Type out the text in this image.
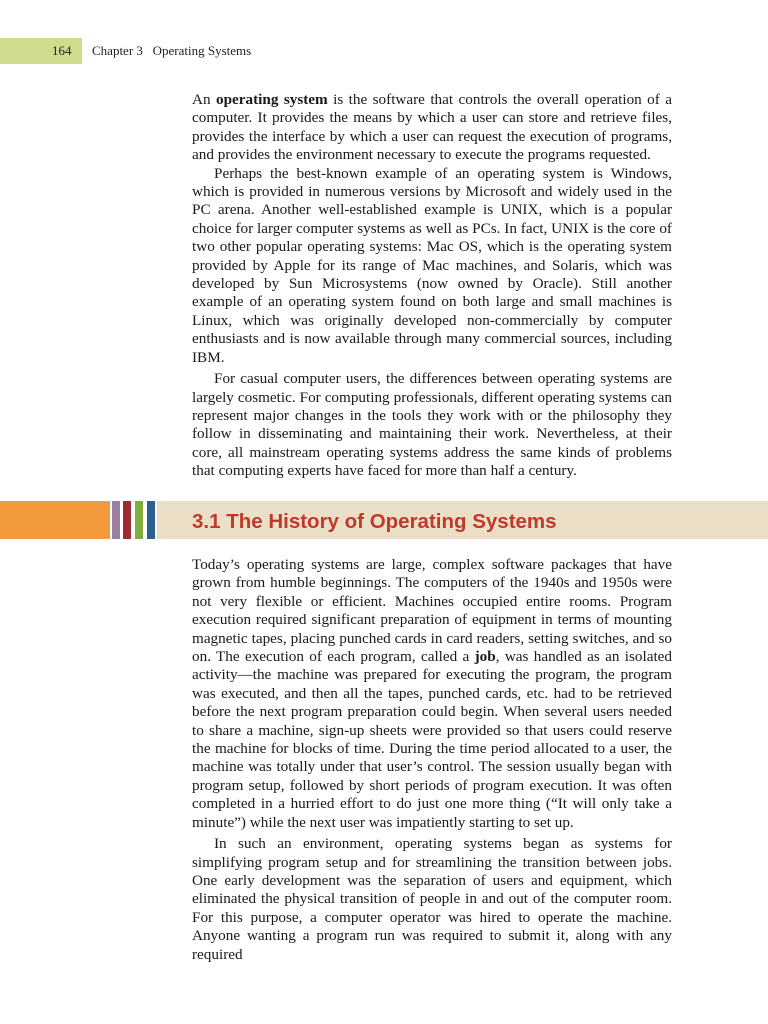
164 Chapter 3   Operating Systems

An operating system is the software that controls the overall operation of a computer. It provides the means by which a user can store and retrieve files, provides the interface by which a user can request the execution of programs, and provides the environment necessary to execute the programs requested.

Perhaps the best-known example of an operating system is Windows, which is provided in numerous versions by Microsoft and widely used in the PC arena. Another well-established example is UNIX, which is a popular choice for larger computer systems as well as PCs. In fact, UNIX is the core of two other popular operating systems: Mac OS, which is the operating system provided by Apple for its range of Mac machines, and Solaris, which was developed by Sun Microsystems (now owned by Oracle). Still another example of an operating system found on both large and small machines is Linux, which was originally developed non-commercially by computer enthusiasts and is now available through many commercial sources, including IBM.

For casual computer users, the differences between operating systems are largely cosmetic. For computing professionals, different operating systems can represent major changes in the tools they work with or the philosophy they follow in disseminating and maintaining their work. Nevertheless, at their core, all mainstream operating systems address the same kinds of problems that computing experts have faced for more than half a century.

3.1 The History of Operating Systems

Today’s operating systems are large, complex software packages that have grown from humble beginnings. The computers of the 1940s and 1950s were not very flexible or efficient. Machines occupied entire rooms. Program execution required significant preparation of equipment in terms of mounting magnetic tapes, placing punched cards in card readers, setting switches, and so on. The execution of each program, called a job, was handled as an isolated activity—the machine was prepared for executing the program, the program was executed, and then all the tapes, punched cards, etc. had to be retrieved before the next program preparation could begin. When several users needed to share a machine, sign-up sheets were provided so that users could reserve the machine for blocks of time. During the time period allocated to a user, the machine was totally under that user’s control. The session usually began with program setup, followed by short periods of program execution. It was often completed in a hurried effort to do just one more thing (“It will only take a minute”) while the next user was impatiently starting to set up.

In such an environment, operating systems began as systems for simplifying program setup and for streamlining the transition between jobs. One early development was the separation of users and equipment, which eliminated the physical transition of people in and out of the computer room. For this purpose, a computer operator was hired to operate the machine. Anyone wanting a program run was required to submit it, along with any required
